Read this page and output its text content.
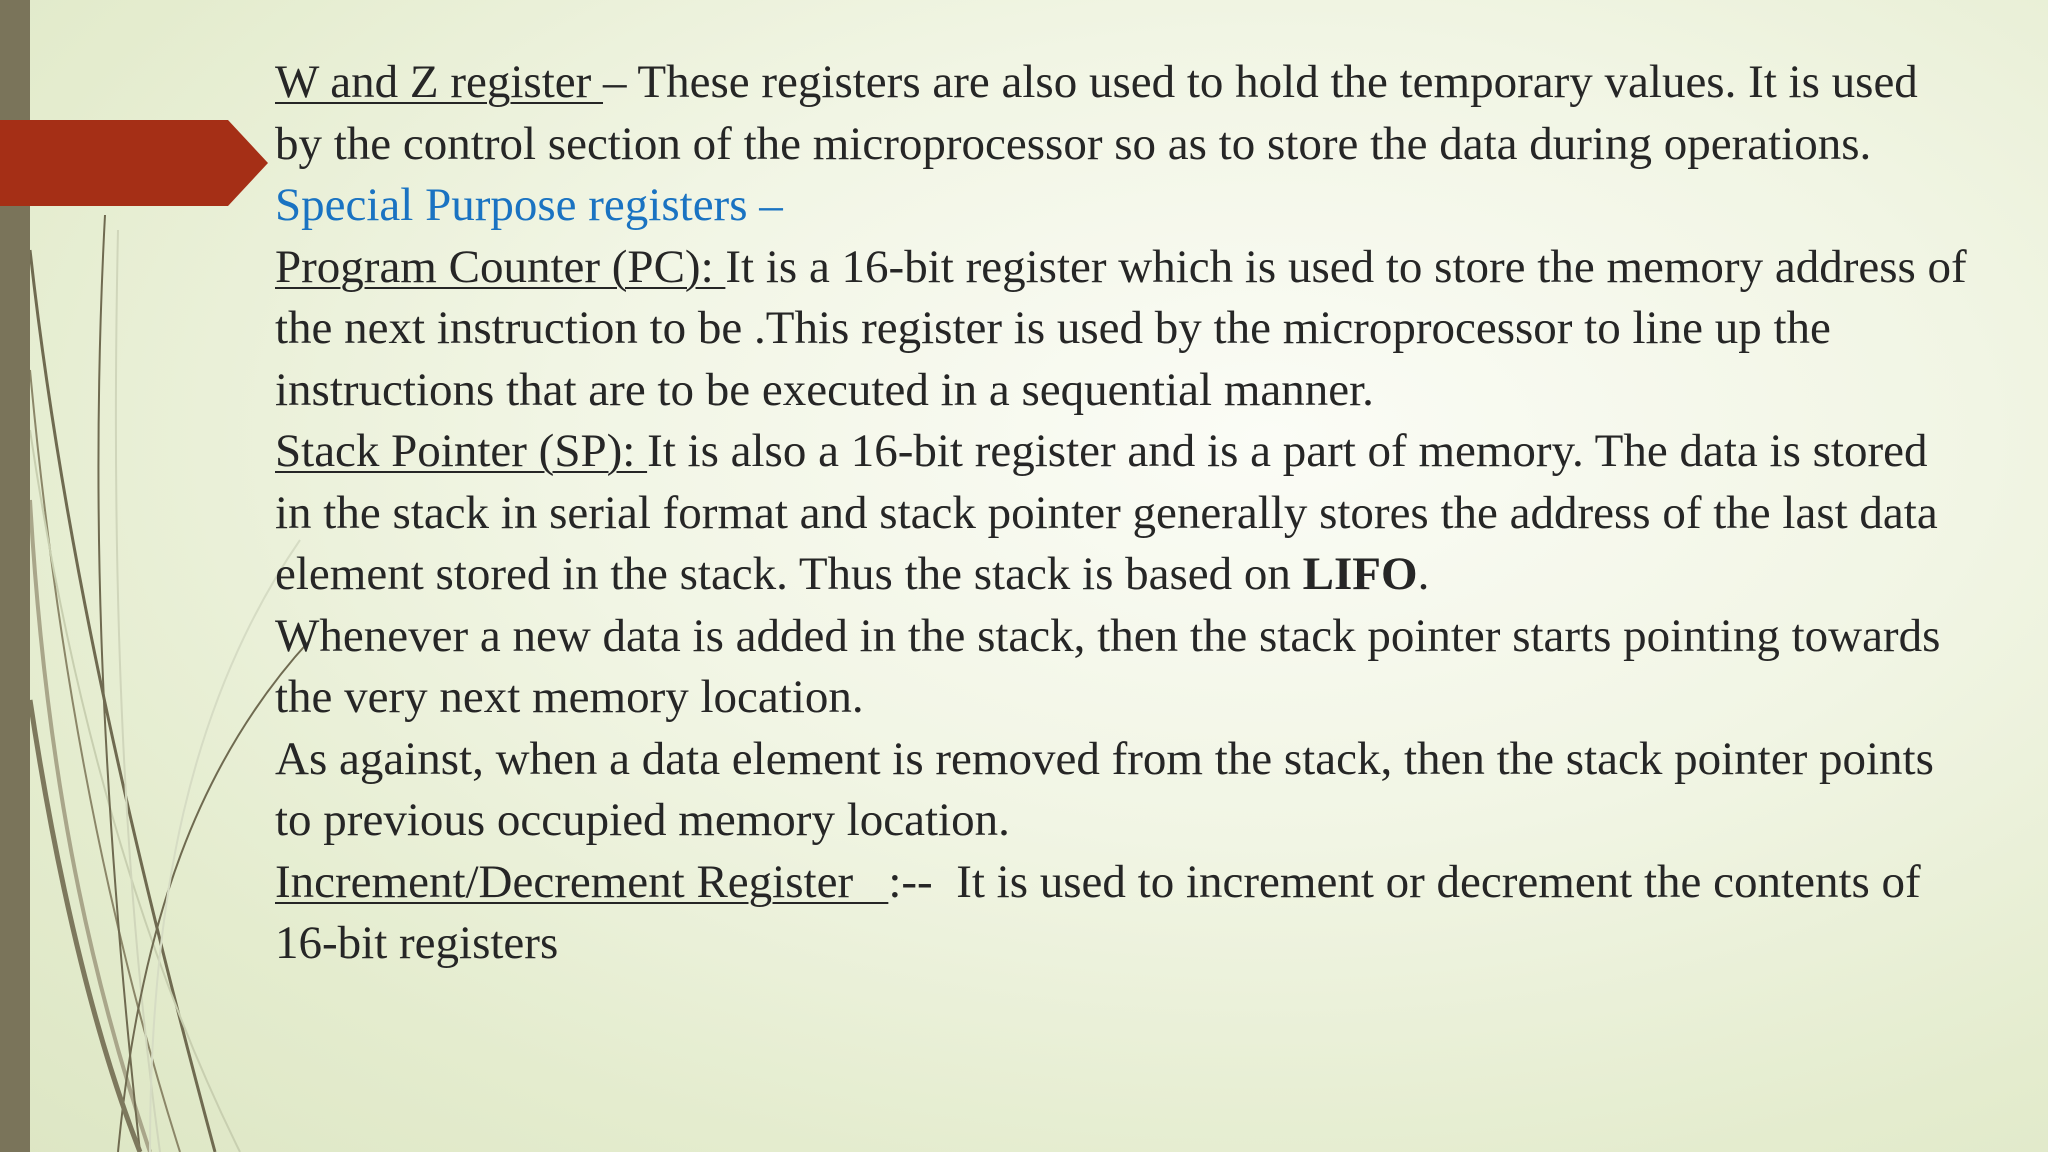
W and Z register – These registers are also used to hold the temporary values. It is used by the control section of the microprocessor so as to store the data during operations.

Special Purpose registers –

Program Counter (PC): It is a 16-bit register which is used to store the memory address of the next instruction to be .This register is used by the microprocessor to line up the instructions that are to be executed in a sequential manner.

Stack Pointer (SP): It is also a 16-bit register and is a part of memory. The data is stored in the stack in serial format and stack pointer generally stores the address of the last data element stored in the stack. Thus the stack is based on LIFO.

Whenever a new data is added in the stack, then the stack pointer starts pointing towards the very next memory location.

As against, when a data element is removed from the stack, then the stack pointer points to previous occupied memory location.

Increment/Decrement Register   :--  It is used to increment or decrement the contents of 16-bit registers
